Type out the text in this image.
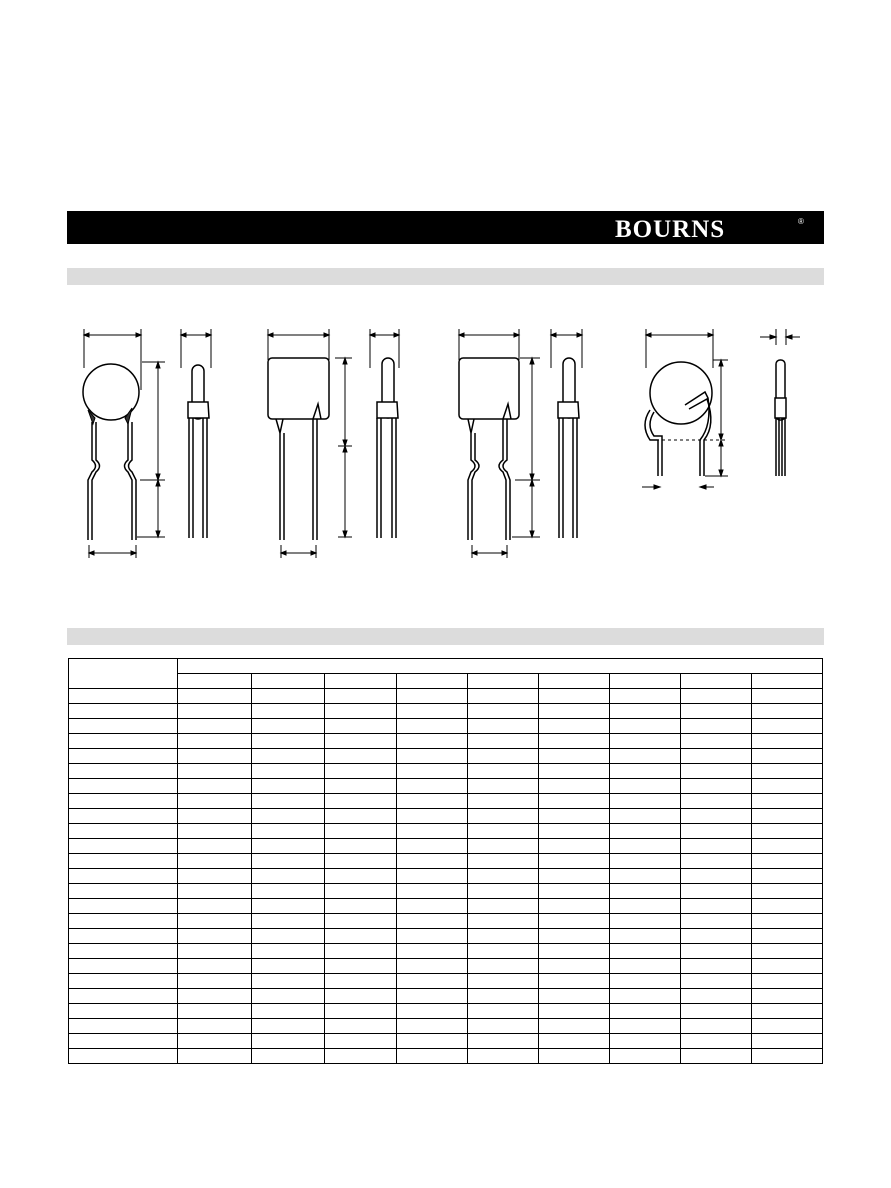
BOURNS	®
